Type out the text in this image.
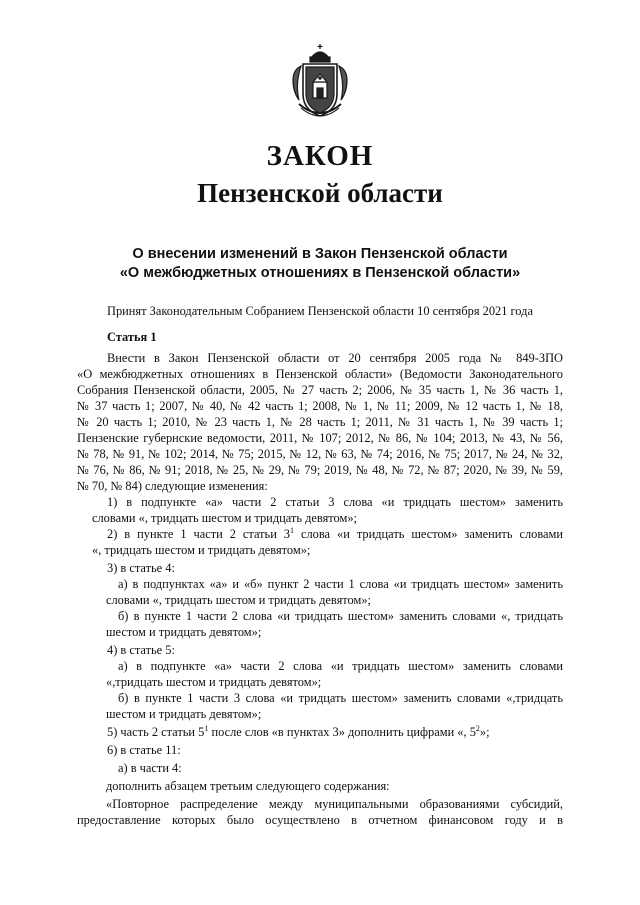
ЗАКОН
Пензенской области
О внесении изменений в Закон Пензенской области
«О межбюджетных отношениях в Пензенской области»
Принят Законодательным Собранием Пензенской области 10 сентября 2021 года
Статья 1
Внести в Закон Пензенской области от 20 сентября 2005 года № 849-ЗПО
«О межбюджетных отношениях в Пензенской области» (Ведомости Законодательного
Собрания Пензенской области, 2005, № 27 часть 2; 2006, № 35 часть 1, № 36 часть 1,
№ 37 часть 1; 2007, № 40, № 42 часть 1; 2008, № 1, № 11; 2009, № 12 часть 1, № 18,
№ 20 часть 1; 2010, № 23 часть 1, № 28 часть 1; 2011, № 31 часть 1, № 39 часть 1;
Пензенские губернские ведомости, 2011, № 107; 2012, № 86, № 104; 2013, № 43, № 56,
№ 78, № 91, № 102; 2014, № 75; 2015, № 12, № 63, № 74; 2016, № 75; 2017, № 24, № 32,
№ 76, № 86, № 91; 2018, № 25, № 29, № 79; 2019, № 48, № 72, № 87; 2020, № 39, № 59,
№ 70, № 84) следующие изменения:
1) в подпункте «а» части 2 статьи 3 слова «и тридцать шестом» заменить
словами «, тридцать шестом и тридцать девятом»;
2) в пункте 1 части 2 статьи $3^1$ слова «и тридцать шестом» заменить словами
«, тридцать шестом и тридцать девятом»;
3) в статье 4:
а) в подпунктах «а» и «б» пункт 2 части 1 слова «и тридцать шестом» заменить
словами «, тридцать шестом и тридцать девятом»;
б) в пункте 1 части 2 слова «и тридцать шестом» заменить словами «, тридцать
шестом и тридцать девятом»;
4) в статье 5:
а) в подпункте «а» части 2 слова «и тридцать шестом» заменить словами
«,тридцать шестом и тридцать девятом»;
б) в пункте 1 части 3 слова «и тридцать шестом» заменить словами «,тридцать
шестом и тридцать девятом»;
5) часть 2 статьи $5^1$ после слов «в пунктах 3» дополнить цифрами «, $5^2$»;
6) в статье 11:
а) в части 4:
дополнить абзацем третьим следующего содержания:
«Повторное распределение между муниципальными образованиями субсидий,
предоставление которых было осуществлено в отчетном финансовом году и в
